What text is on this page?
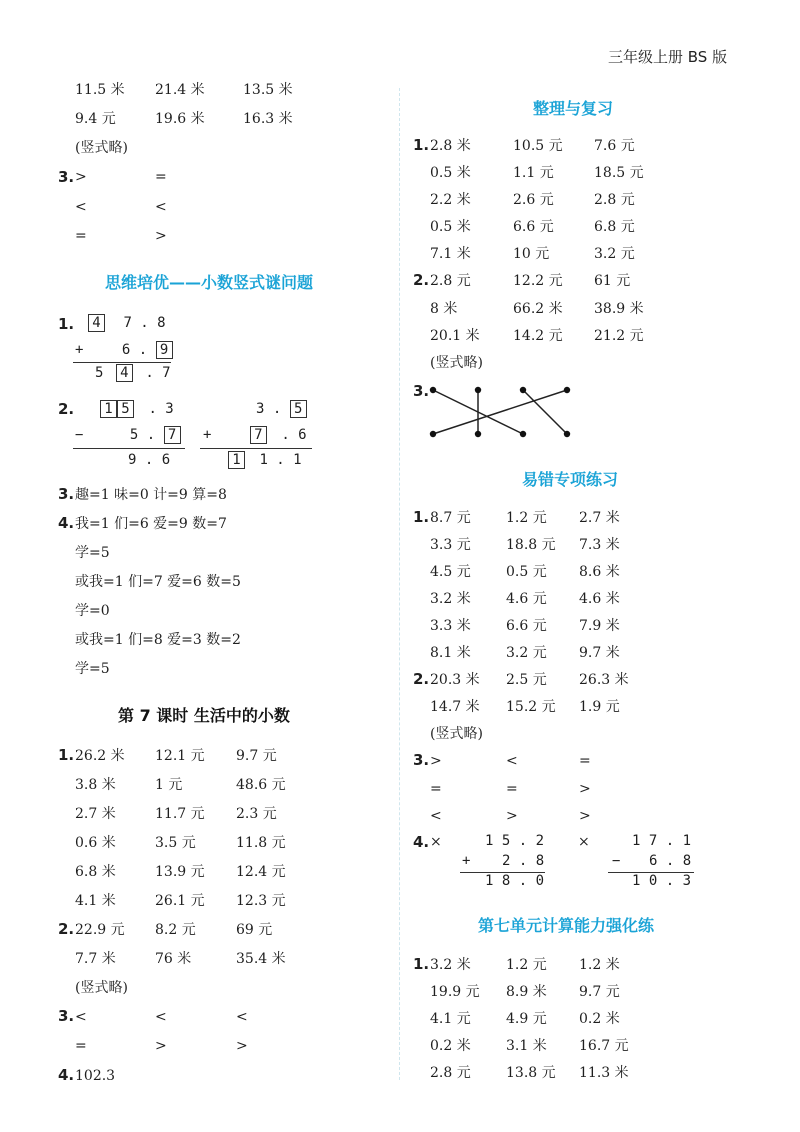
三年级上册 BS 版
11.5 米 21.4 米	13.5 米
9.4 元	19.6 米	16.3 米
(竖式略)
3. >	=
<	<
=	>
思维培优——小数竖式谜问题
1.	4 7 . 8
+	6 . 9
5 4 . 7
2.	1 5 . 3
−	5 . 7
9 . 6
3 . 5
+	7 . 6
1 1 . 1
3. 趣=1 味=0 计=9 算=8
4. 我=1 们=6 爱=9 数=7
学=5
或我=1 们=7 爱=6 数=5
学=0
或我=1 们=8 爱=3 数=2
学=5
第 7 课时 生活中的小数
1. 26.2 米 12.1 元 9.7 元
3.8 米	1 元	48.6 元
2.7 米	11.7 元 2.3 元
0.6 米	3.5 元	11.8 元
6.8 米	13.9 元 12.4 元
4.1 米	26.1 元 12.3 元
2. 22.9 元 8.2 元	69 元
7.7 米	76 米	35.4 米
(竖式略)
3. <	<	<
=	>	>
4. 102.3
整理与复习
1. 2.8 米	10.5 元 7.6 元
0.5 米	1.1 元	18.5 元
2.2 米	2.6 元	2.8 元
0.5 米	6.6 元	6.8 元
7.1 米	10 元	3.2 元
2. 2.8 元	12.2 元 61 元
8 米	66.2 米 38.9 米
20.1 米 14.2 元 21.2 元
(竖式略)
3.
易错专项练习
1. 8.7 元	1.2 元 2.7 米
3.3 元	18.8 元 7.3 米
4.5 元	0.5 元 8.6 米
3.2 米	4.6 元 4.6 米
3.3 米	6.6 元 7.9 米
8.1 米	3.2 元 9.7 米
2. 20.3 米 2.5 元 26.3 米
14.7 米 15.2 元 1.9 元
(竖式略)
3. >	<	=
=	=	>
<	>	>
4. ×	1 5 . 2
+ 2 . 8
1 8 . 0
×	1 7 . 1
− 6 . 8
1 0 . 3
第七单元计算能力强化练
1. 3.2 米	1.2 元 1.2 米
19.9 元 8.9 米 9.7 元
4.1 元	4.9 元 0.2 米
0.2 米	3.1 米 16.7 元
2.8 元	13.8 元 11.3 米
